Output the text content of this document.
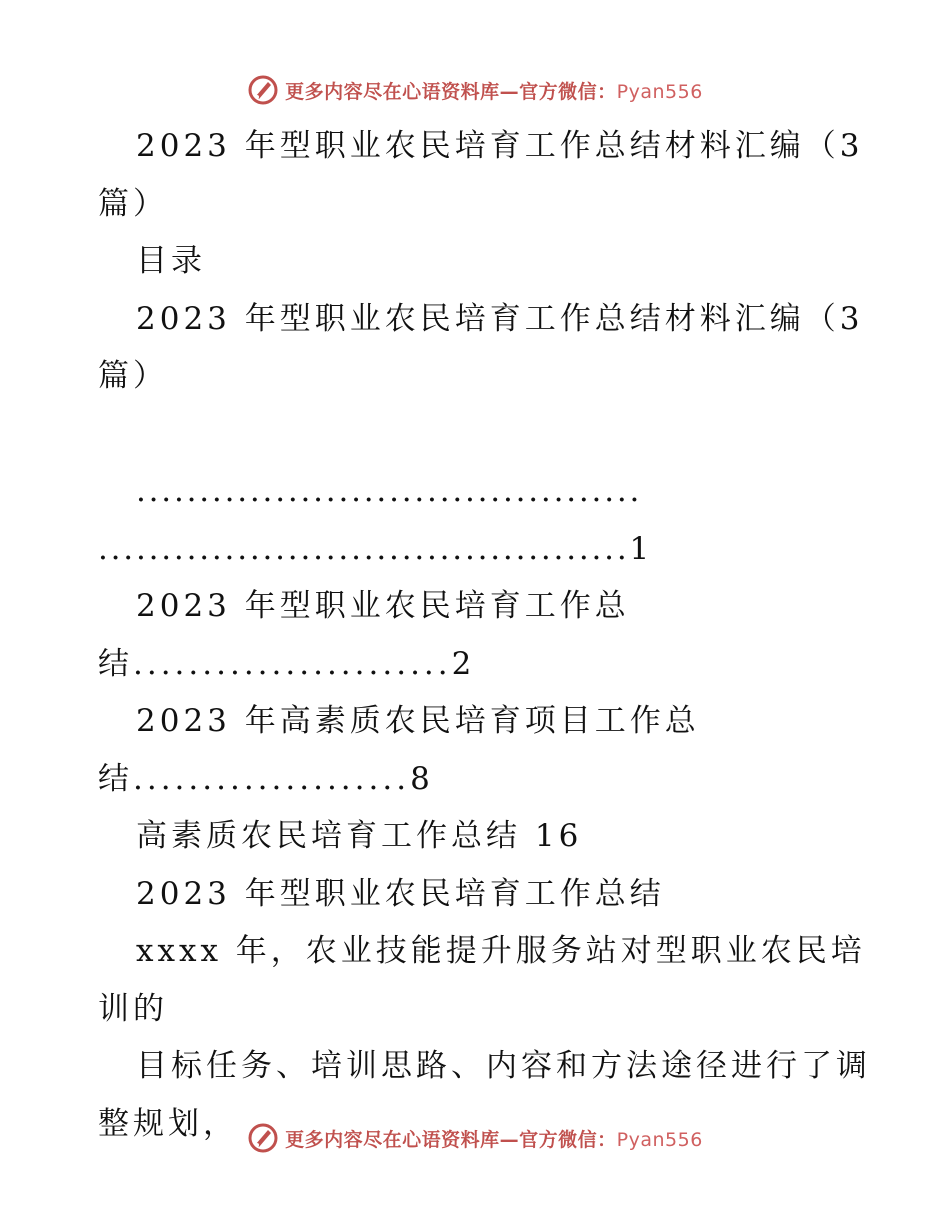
更多内容尽在心语资料库—官方微信：Pyan556
2023 年型职业农民培育工作总结材料汇编（3
篇）
目录
2023 年型职业农民培育工作总结材料汇编（3
篇）
........................................
..........................................1
2023 年型职业农民培育工作总
结.......................2
2023 年高素质农民培育项目工作总
结....................8
高素质农民培育工作总结 16
2023 年型职业农民培育工作总结
xxxx 年，农业技能提升服务站对型职业农民培
训的
目标任务、培训思路、内容和方法途径进行了调
整规划，	更多内容尽在心语资料库—官方微信：Pyan556
